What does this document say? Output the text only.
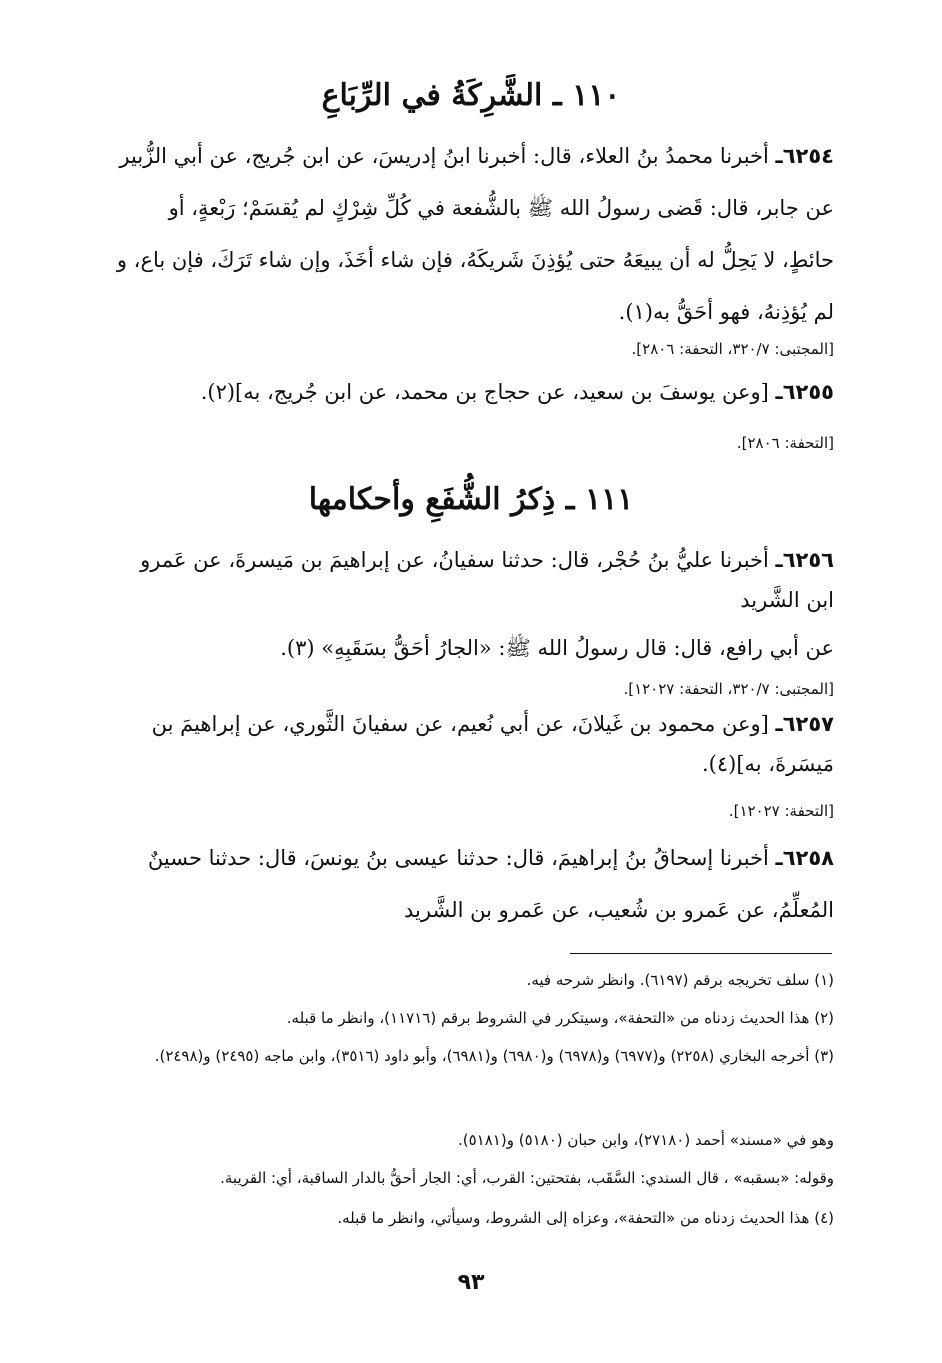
١١٠ ـ الشَّرِكَةُ في الرِّبَاعِ
٦٢٥٤ـ أخبرنا محمدُ بنُ العلاء، قال: أخبرنا ابنُ إدريسَ، عن ابن جُريج، عن أبي الزُّبير عن جابر، قال: قَضى رسولُ الله ﷺ بالشُّفعة في كُلِّ شِرْكٍ لم يُقسَمْ؛ رَبْعةٍ، أو حائطٍ، لا يَحِلُّ له أن يبيعَهُ حتى يُؤذِنَ شَريكَهُ، فإن شاء أخَذَ، وإن شاء تَرَكَ، فإن باع، و لم يُؤذِنهُ، فهو أحَقُّ به(١).
[المجتبى: ٣٢٠/٧، التحفة: ٢٨٠٦].
٦٢٥٥ـ [وعن يوسفَ بن سعيد، عن حجاج بن محمد، عن ابن جُريج، به](٢).
[التحفة: ٢٨٠٦].
١١١ ـ ذِكرُ الشُّفَعِ وأحكامها
٦٢٥٦ـ أخبرنا عليُّ بنُ حُجْر، قال: حدثنا سفيانُ، عن إبراهيمَ بن مَيسرةَ، عن عَمرو ابن الشَّريد
عن أبي رافع، قال: قال رسولُ الله ﷺ: «الجارُ أحَقُّ بسَقَبِهِ» (٣).
[المجتبى: ٣٢٠/٧، التحفة: ١٢٠٢٧].
٦٢٥٧ـ [وعن محمود بن غَيلانَ، عن أبي نُعيم، عن سفيانَ الثَّوري، عن إبراهيمَ بن مَيسَرةَ، به](٤).
[التحفة: ١٢٠٢٧].
٦٢٥٨ـ أخبرنا إسحاقُ بنُ إبراهيمَ، قال: حدثنا عيسى بنُ يونسَ، قال: حدثنا حسينٌ المُعلِّمُ، عن عَمرو بن شُعيب، عن عَمرو بن الشَّريد
(١) سلف تخريجه برقم (٦١٩٧). وانظر شرحه فيه.
(٢) هذا الحديث زدناه من «التحفة»، وسيتكرر في الشروط برقم (١١٧١٦)، وانظر ما قبله.
(٣) أخرجه البخاري (٢٢٥٨) و(٦٩٧٧) و(٦٩٧٨) و(٦٩٨٠) و(٦٩٨١)، وأبو داود (٣٥١٦)، وابن ماجه (٢٤٩٥) و(٢٤٩٨).
وهو في «مسند» أحمد (٢٧١٨٠)، وابن حبان (٥١٨٠) و(٥١٨١).
وقوله: «بسقبه» ، قال السندي: السَّقَب، بفتحتين: القرب، أي: الجار أحقُّ بالدار الساقبة، أي: القريبة.
(٤) هذا الحديث زدناه من «التحفة»، وعزاه إلى الشروط، وسيأتي، وانظر ما قبله.
٩٣
